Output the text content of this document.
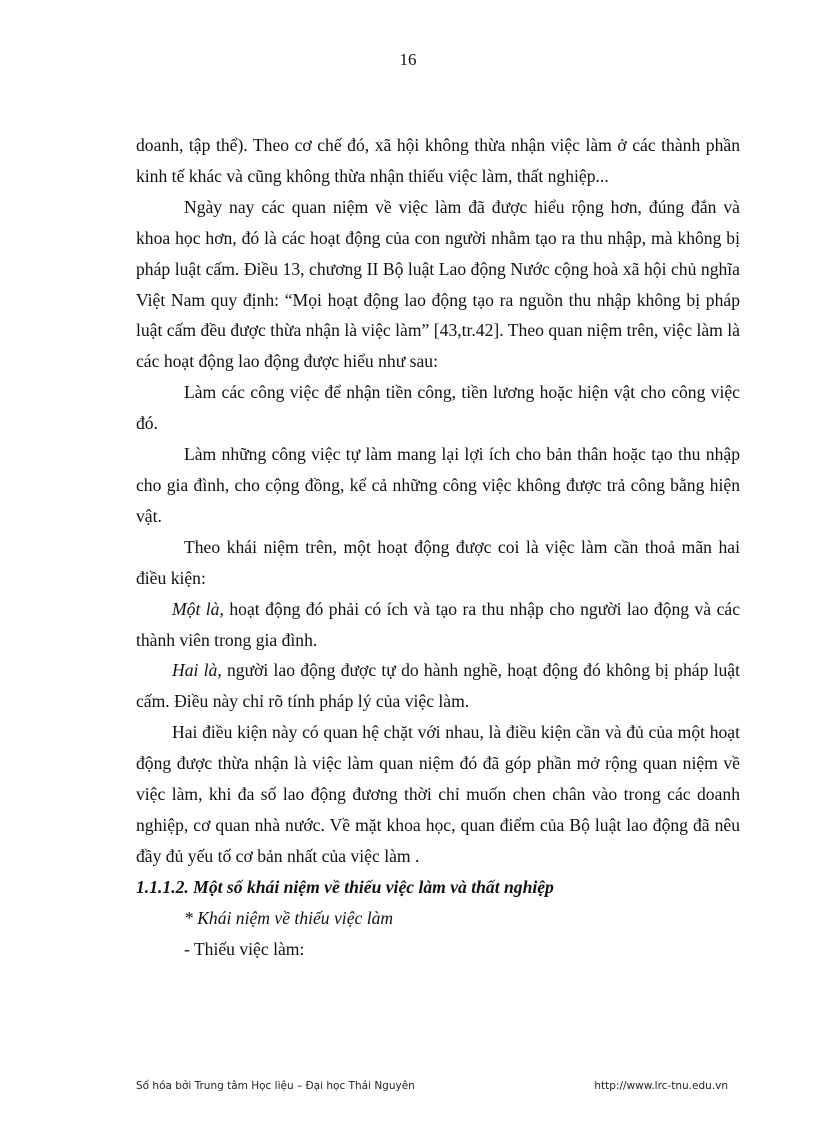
16

doanh, tập thể). Theo cơ chế đó, xã hội không thừa nhận việc làm ở các thành phần kinh tế khác và cũng không thừa nhận thiếu việc làm, thất nghiệp...

Ngày nay các quan niệm về việc làm đã được hiểu rộng hơn, đúng đắn và khoa học hơn, đó là các hoạt động của con người nhằm tạo ra thu nhập, mà không bị pháp luật cấm. Điều 13, chương II Bộ luật Lao động Nước cộng hoà xã hội chủ nghĩa Việt Nam quy định: “Mọi hoạt động lao động tạo ra nguồn thu nhập không bị pháp luật cấm đều được thừa nhận là việc làm” [43,tr.42]. Theo quan niệm trên, việc làm là các hoạt động lao động được hiểu như sau:

Làm các công việc để nhận tiền công, tiền lương hoặc hiện vật cho công việc đó.

Làm những công việc tự làm mang lại lợi ích cho bản thân hoặc tạo thu nhập cho gia đình, cho cộng đồng, kể cả những công việc không được trả công bằng hiện vật.

Theo khái niệm trên, một hoạt động được coi là việc làm cần thoả mãn hai điều kiện:

Một là, hoạt động đó phải có ích và tạo ra thu nhập cho người lao động và các thành viên trong gia đình.

Hai là, người lao động được tự do hành nghề, hoạt động đó không bị pháp luật cấm. Điều này chỉ rõ tính pháp lý của việc làm.

Hai điều kiện này có quan hệ chặt với nhau, là điều kiện cần và đủ của một hoạt động được thừa nhận là việc làm quan niệm đó đã góp phần mở rộng quan niệm về việc làm, khi đa số lao động đương thời chỉ muốn chen chân vào trong các doanh nghiệp, cơ quan nhà nước. Về mặt khoa học, quan điểm của Bộ luật lao động đã nêu đầy đủ yếu tố cơ bản nhất của việc làm .

1.1.1.2. Một số khái niệm về thiếu việc làm và thất nghiệp

* Khái niệm về thiếu việc làm

- Thiếu việc làm:

Số hóa bởi Trung tâm Học liệu – Đại học Thái Nguyên	http://www.lrc-tnu.edu.vn
